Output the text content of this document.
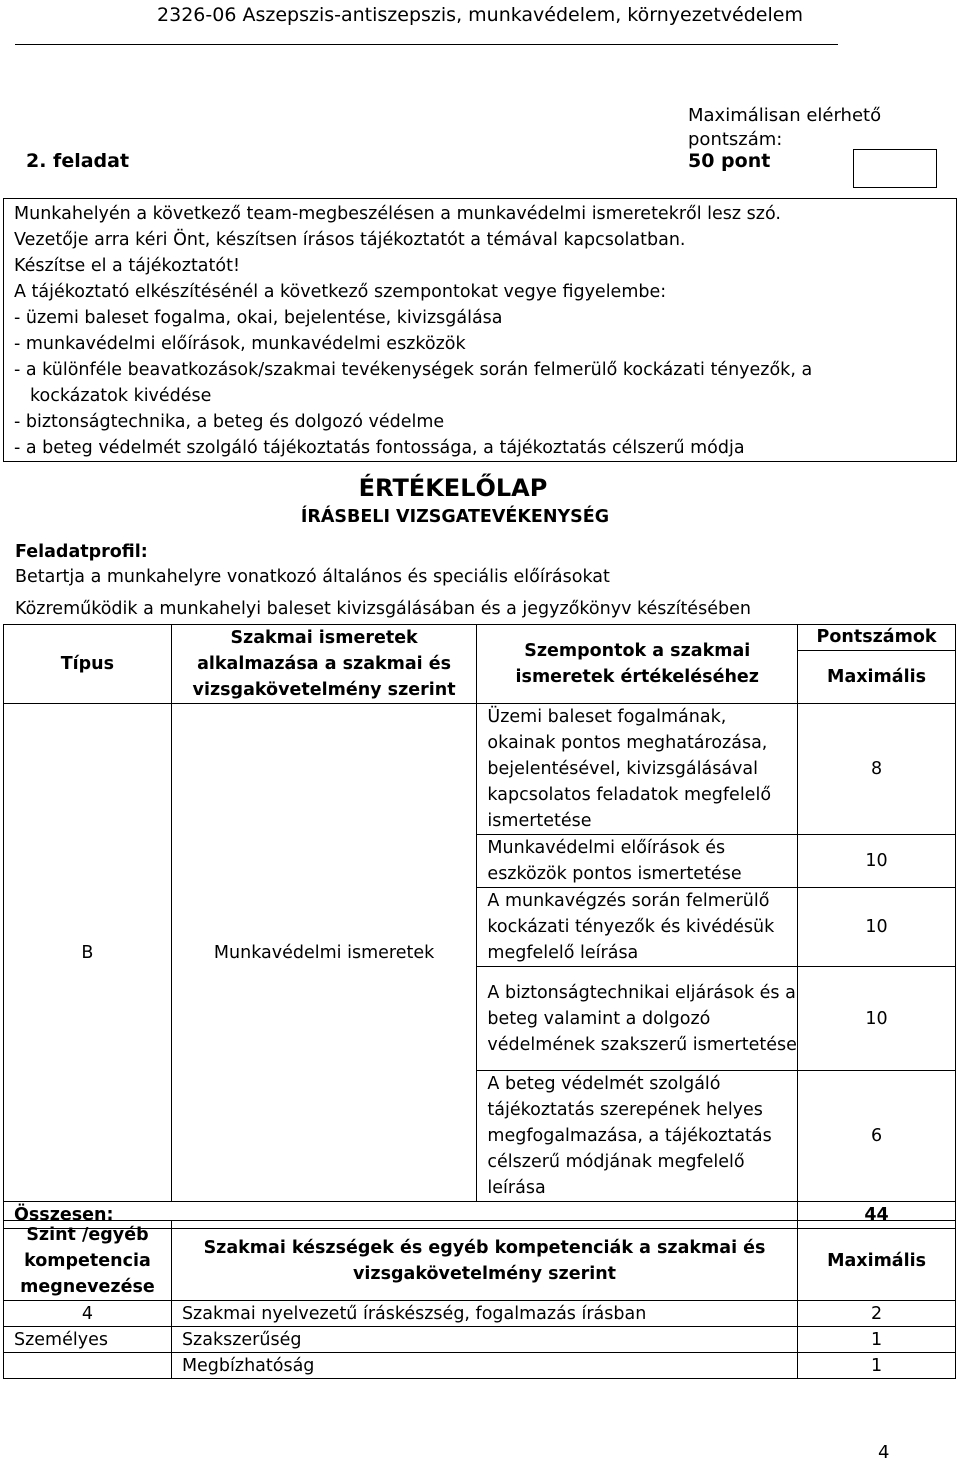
2326-06 Aszepszis-antiszepszis, munkavédelem, környezetvédelem
Maximálisan elérhető
pontszám:
2. feladat	50 pont

Munkahelyén a következő team-megbeszélésen a munkavédelmi ismeretekről lesz szó.

Vezetője arra kéri Önt, készítsen írásos tájékoztatót a témával kapcsolatban.

Készítse el a tájékoztatót!

A tájékoztató elkészítésénél a következő szempontokat vegye figyelembe:

- üzemi baleset fogalma, okai, bejelentése, kivizsgálása

- munkavédelmi előírások, munkavédelmi eszközök

- a különféle beavatkozások/szakmai tevékenységek során felmerülő kockázati tényezők, a

kockázatok kivédése

- biztonságtechnika, a beteg és dolgozó védelme

- a beteg védelmét szolgáló tájékoztatás fontossága, a tájékoztatás célszerű módja

ÉRTÉKELŐLAP
ÍRÁSBELI VIZSGATEVÉKENYSÉG
Feladatprofil:
Betartja a munkahelyre vonatkozó általános és speciális előírásokat
Közreműködik a munkahelyi baleset kivizsgálásában és a jegyzőkönyv készítésében
Típus	Szakmai ismeretek alkalmazása a szakmai és vizsgakövetelmény szerint	Szempontok a szakmai ismeretek értékeléséhez	Pontszámok
			Maximális
B	Munkavédelmi ismeretek	Üzemi baleset fogalmának, okainak pontos meghatározása, bejelentésével, kivizsgálásával kapcsolatos feladatok megfelelő ismertetése	8
		Munkavédelmi előírások és eszközök pontos ismertetése	10
		A munkavégzés során felmerülő kockázati tényezők és kivédésük megfelelő leírása	10
		A biztonságtechnikai eljárások és a beteg valamint a dolgozó védelmének szakszerű ismertetése	10
		A beteg védelmét szolgáló tájékoztatás szerepének helyes megfogalmazása, a tájékoztatás célszerű módjának megfelelő leírása	6
Összesen:			44
Szint /egyéb kompetencia megnevezése	Szakmai készségek és egyéb kompetenciák a szakmai és vizsgakövetelmény szerint	Maximális
4	Szakmai nyelvezetű íráskészség, fogalmazás írásban	2
Személyes	Szakszerűség	1
	Megbízhatóság	1
4
